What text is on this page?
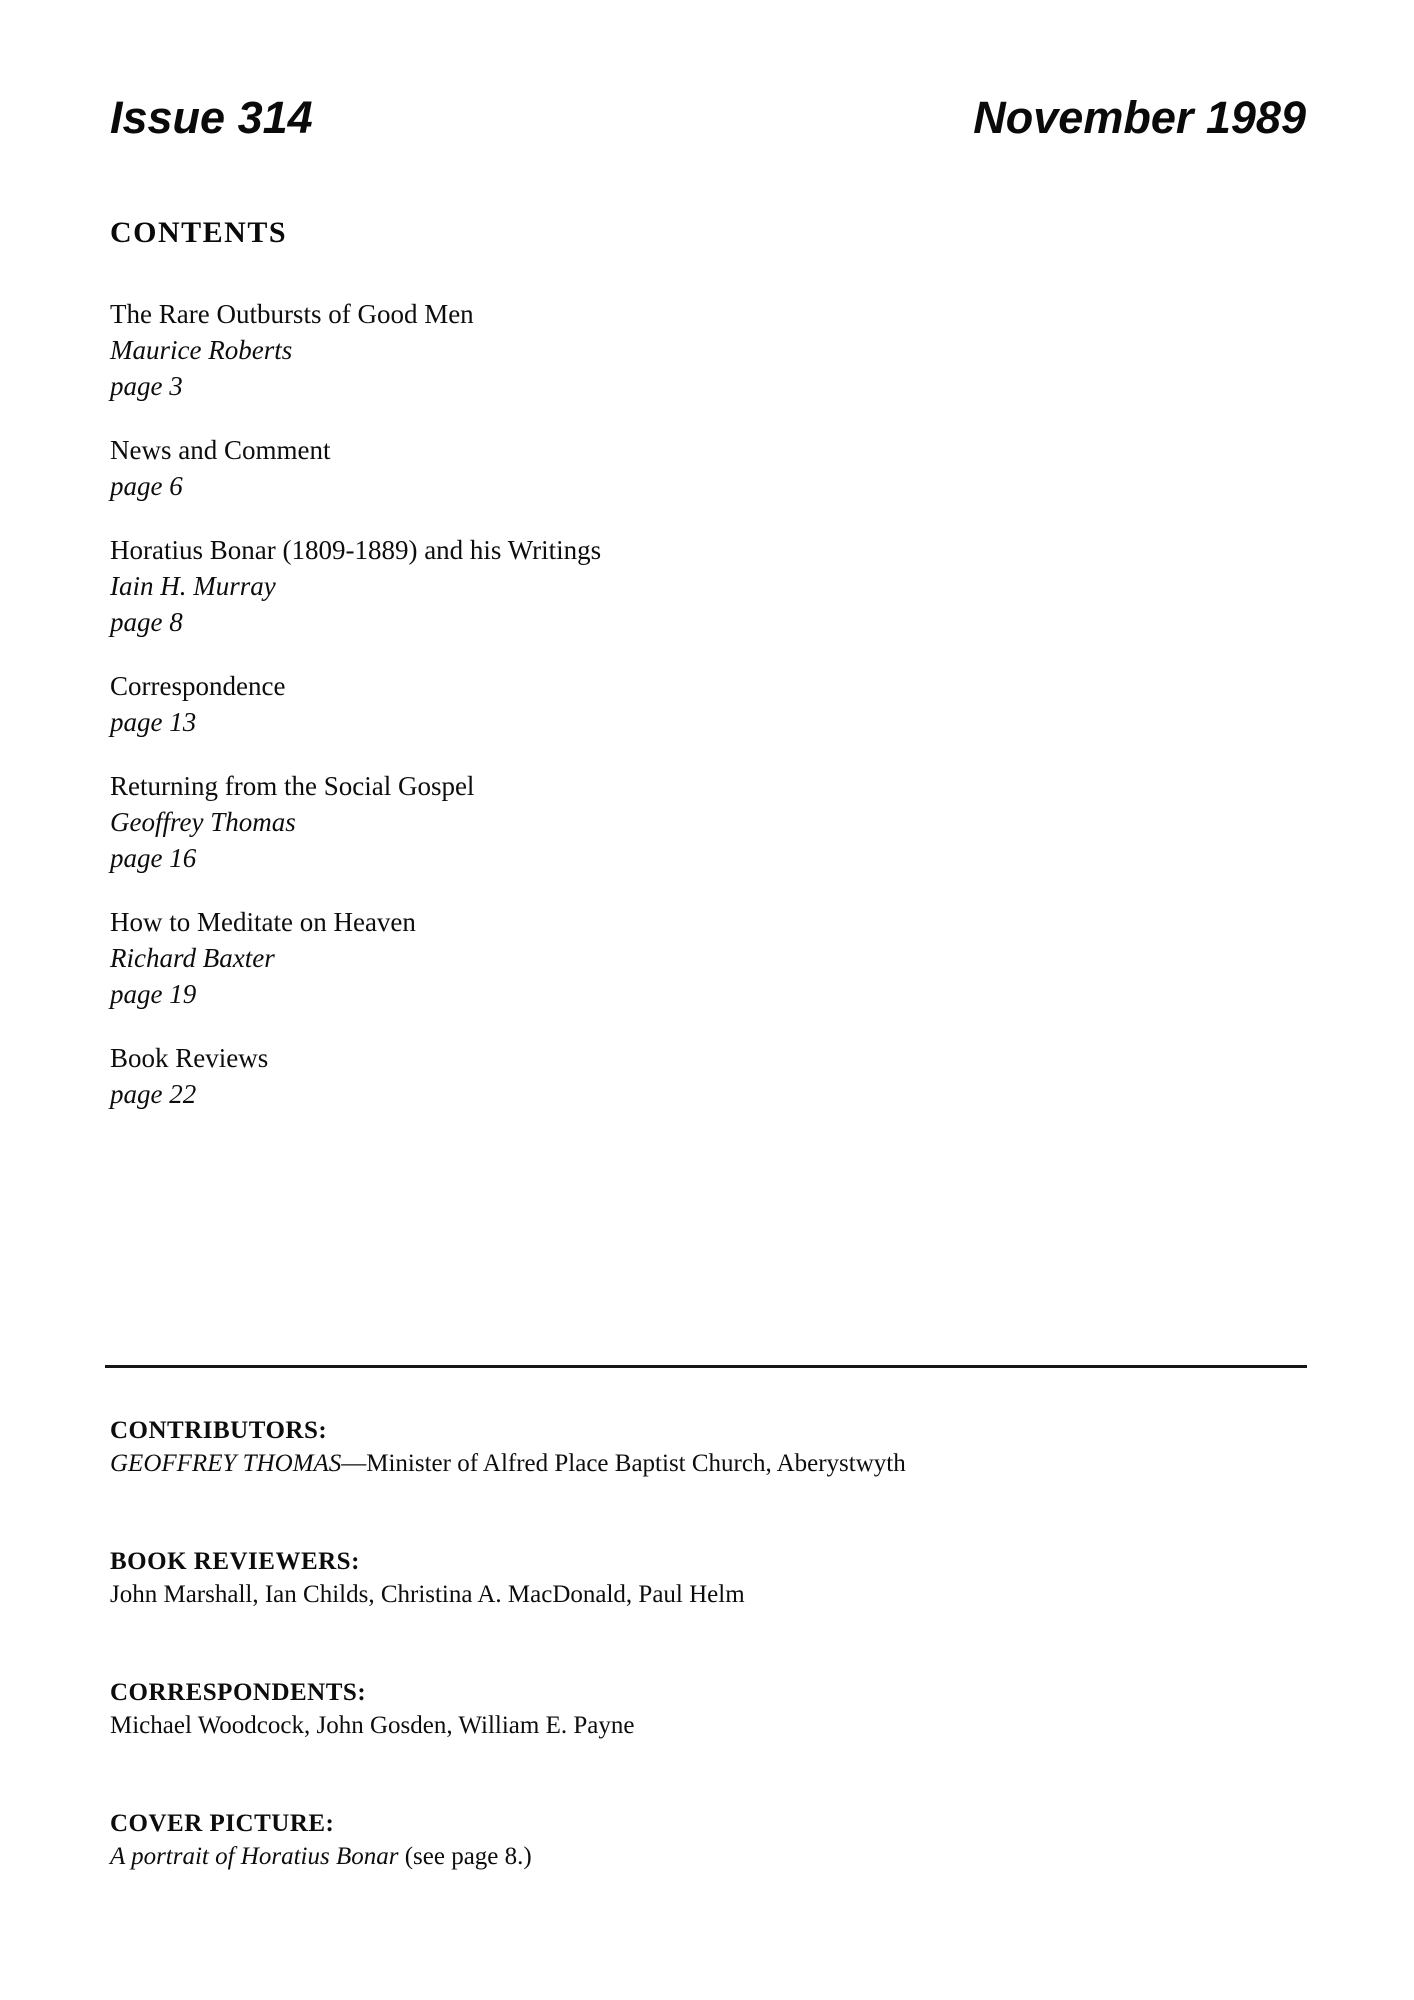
Issue 314	November 1989
CONTENTS
The Rare Outbursts of Good Men
Maurice Roberts
page 3
News and Comment
page 6
Horatius Bonar (1809-1889) and his Writings
Iain H. Murray
page 8
Correspondence
page 13
Returning from the Social Gospel
Geoffrey Thomas
page 16
How to Meditate on Heaven
Richard Baxter
page 19
Book Reviews
page 22
CONTRIBUTORS:
GEOFFREY THOMAS—Minister of Alfred Place Baptist Church, Aberystwyth
BOOK REVIEWERS:
John Marshall, Ian Childs, Christina A. MacDonald, Paul Helm
CORRESPONDENTS:
Michael Woodcock, John Gosden, William E. Payne
COVER PICTURE:
A portrait of Horatius Bonar (see page 8.)
